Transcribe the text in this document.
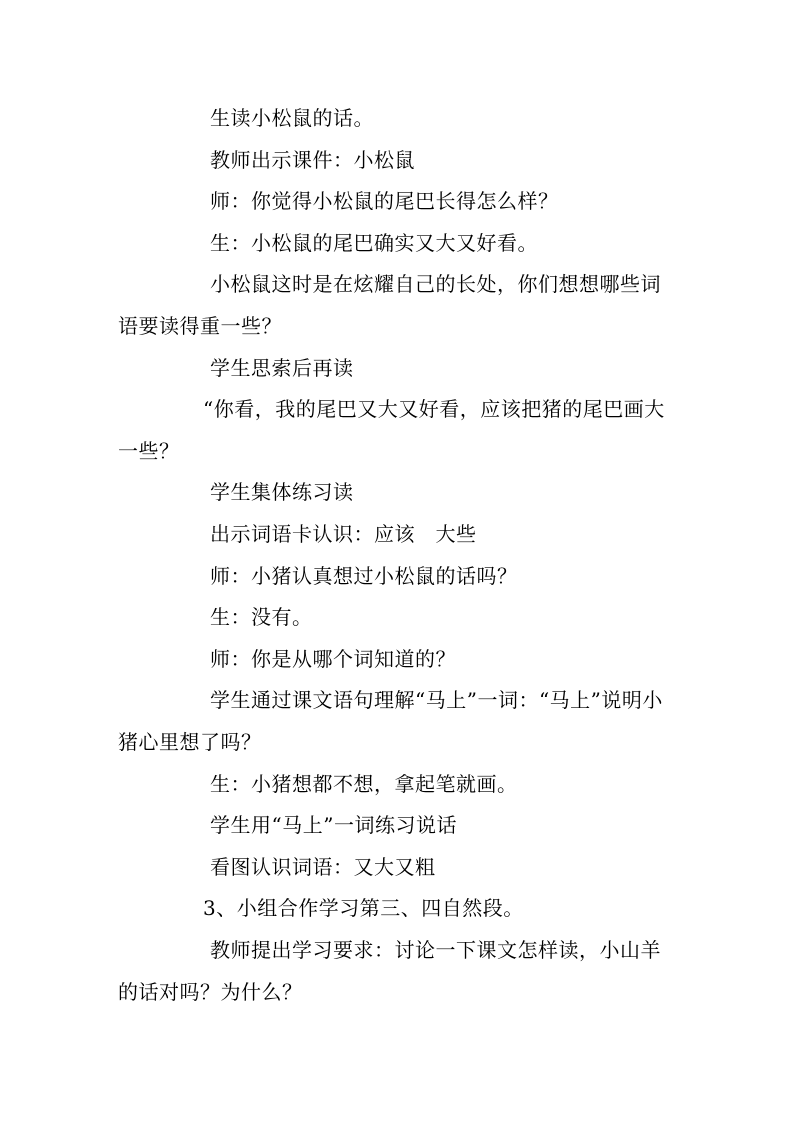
生读小松鼠的话。
教师出示课件：小松鼠
师：你觉得小松鼠的尾巴长得怎么样？
生：小松鼠的尾巴确实又大又好看。
小松鼠这时是在炫耀自己的长处，你们想想哪些词
语要读得重一些？
学生思索后再读
“你看，我的尾巴又大又好看，应该把猪的尾巴画大
一些？
学生集体练习读
出示词语卡认识：应该　大些
师：小猪认真想过小松鼠的话吗？
生：没有。
师：你是从哪个词知道的？
学生通过课文语句理解“马上”一词：“马上”说明小
猪心里想了吗？
生：小猪想都不想，拿起笔就画。
学生用“马上”一词练习说话
看图认识词语：又大又粗
3、小组合作学习第三、四自然段。
教师提出学习要求：讨论一下课文怎样读，小山羊
的话对吗？为什么？
